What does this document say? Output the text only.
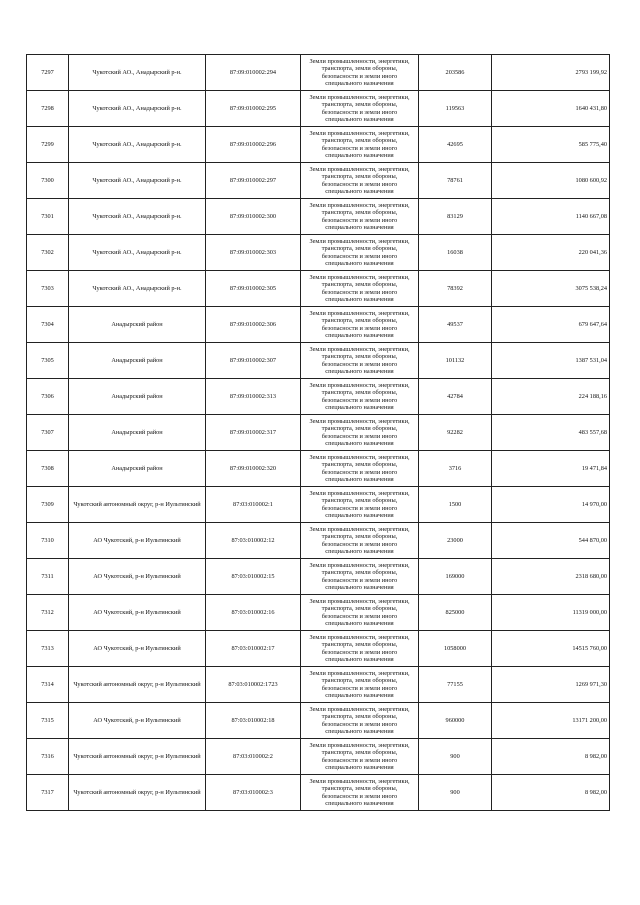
7297	Чукотский АО., Анадырский р-н.	87:09:010002:294	Земли промышленности, энергетики, транспорта, земли обороны, безопасности и земли иного специального назначения	203586	2793 199,92
7298	Чукотский АО., Анадырский р-н.	87:09:010002:295	Земли промышленности, энергетики, транспорта, земли обороны, безопасности и земли иного специального назначения	119563	1640 431,80
7299	Чукотский АО., Анадырский р-н.	87:09:010002:296	Земли промышленности, энергетики, транспорта, земли обороны, безопасности и земли иного специального назначения	42695	585 775,40
7300	Чукотский АО., Анадырский р-н.	87:09:010002:297	Земли промышленности, энергетики, транспорта, земли обороны, безопасности и земли иного специального назначения	78761	1080 600,92
7301	Чукотский АО., Анадырский р-н.	87:09:010002:300	Земли промышленности, энергетики, транспорта, земли обороны, безопасности и земли иного специального назначения	83129	1140 667,08
7302	Чукотский АО., Анадырский р-н.	87:09:010002:303	Земли промышленности, энергетики, транспорта, земли обороны, безопасности и земли иного специального назначения	16038	220 041,36
7303	Чукотский АО., Анадырский р-н.	87:09:010002:305	Земли промышленности, энергетики, транспорта, земли обороны, безопасности и земли иного специального назначения	78392	3075 538,24
7304	Анадырский район	87:09:010002:306	Земли промышленности, энергетики, транспорта, земли обороны, безопасности и земли иного специального назначения	49537	679 647,64
7305	Анадырский район	87:09:010002:307	Земли промышленности, энергетики, транспорта, земли обороны, безопасности и земли иного специального назначения	101132	1387 531,04
7306	Анадырский район	87:09:010002:313	Земли промышленности, энергетики, транспорта, земли обороны, безопасности и земли иного специального назначения	42784	224 188,16
7307	Анадырский район	87:09:010002:317	Земли промышленности, энергетики, транспорта, земли обороны, безопасности и земли иного специального назначения	92282	483 557,68
7308	Анадырский район	87:09:010002:320	Земли промышленности, энергетики, транспорта, земли обороны, безопасности и земли иного специального назначения	3716	19 471,84
7309	Чукотский автономный округ, р-н Иультинский	87:03:010002:1	Земли промышленности, энергетики, транспорта, земли обороны, безопасности и земли иного специального назначения	1500	14 970,00
7310	АО Чукотский, р-н Иультинский	87:03:010002:12	Земли промышленности, энергетики, транспорта, земли обороны, безопасности и земли иного специального назначения	23000	544 870,00
7311	АО Чукотский, р-н Иультинский	87:03:010002:15	Земли промышленности, энергетики, транспорта, земли обороны, безопасности и земли иного специального назначения	169000	2318 680,00
7312	АО Чукотский, р-н Иультинский	87:03:010002:16	Земли промышленности, энергетики, транспорта, земли обороны, безопасности и земли иного специального назначения	825000	11319 000,00
7313	АО Чукотский, р-н Иультинский	87:03:010002:17	Земли промышленности, энергетики, транспорта, земли обороны, безопасности и земли иного специального назначения	1058000	14515 760,00
7314	Чукотский автономный округ, р-н Иультинский	87:03:010002:1723	Земли промышленности, энергетики, транспорта, земли обороны, безопасности и земли иного специального назначения	77155	1269 971,30
7315	АО Чукотский, р-н Иультинский	87:03:010002:18	Земли промышленности, энергетики, транспорта, земли обороны, безопасности и земли иного специального назначения	960000	13171 200,00
7316	Чукотский автономный округ, р-н Иультинский	87:03:010002:2	Земли промышленности, энергетики, транспорта, земли обороны, безопасности и земли иного специального назначения	900	8 982,00
7317	Чукотский автономный округ, р-н Иультинский	87:03:010002:3	Земли промышленности, энергетики, транспорта, земли обороны, безопасности и земли иного специального назначения	900	8 982,00
